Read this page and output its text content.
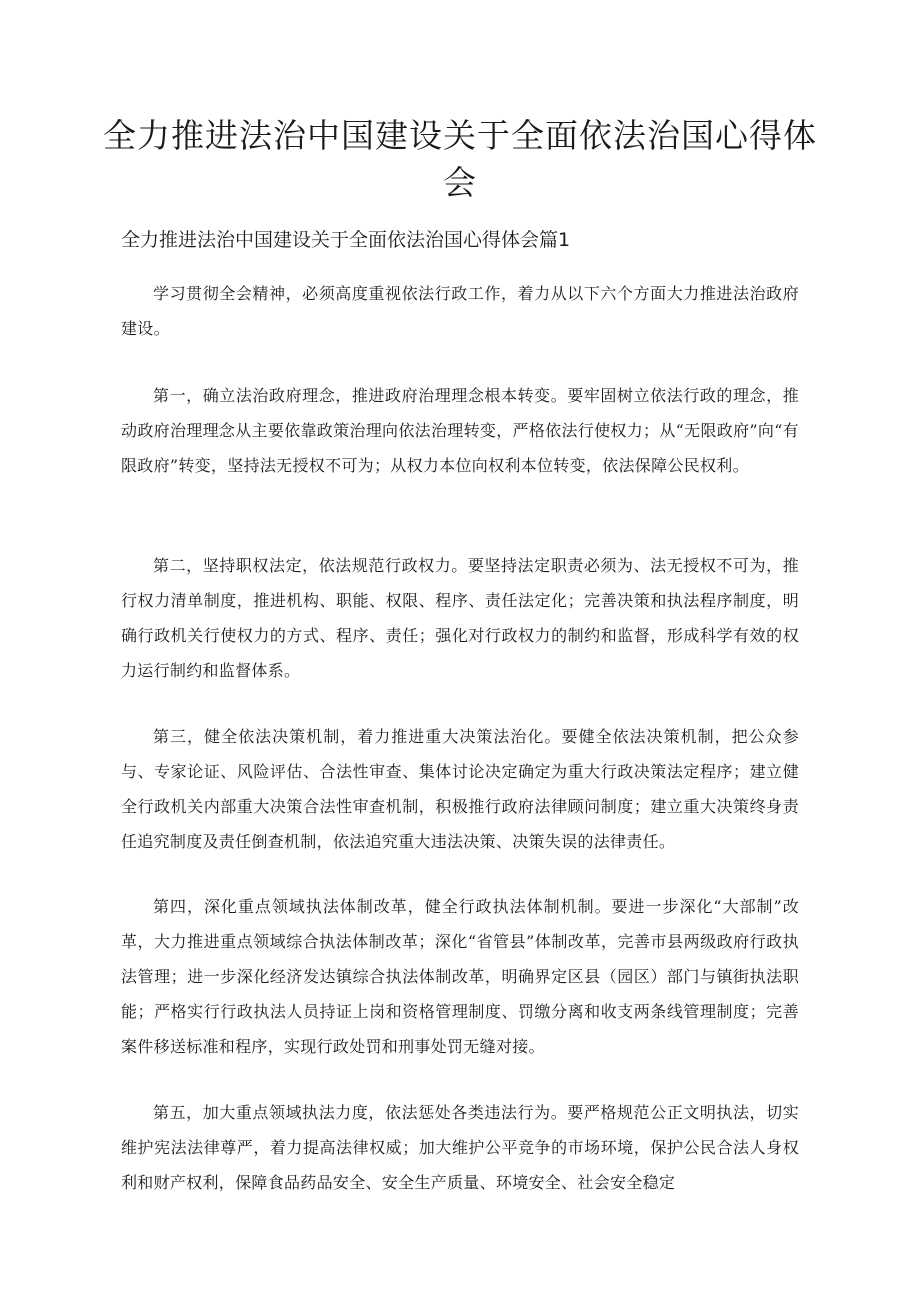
全力推进法治中国建设关于全面依法治国心得体会
全力推进法治中国建设关于全面依法治国心得体会篇1

学习贯彻全会精神，必须高度重视依法行政工作，着力从以下六个方面大力推进法治政府建设。

第一，确立法治政府理念，推进政府治理理念根本转变。要牢固树立依法行政的理念，推动政府治理理念从主要依靠政策治理向依法治理转变，严格依法行使权力；从“无限政府”向“有限政府”转变，坚持法无授权不可为；从权力本位向权利本位转变，依法保障公民权利。

第二，坚持职权法定，依法规范行政权力。要坚持法定职责必须为、法无授权不可为，推行权力清单制度，推进机构、职能、权限、程序、责任法定化；完善决策和执法程序制度，明确行政机关行使权力的方式、程序、责任；强化对行政权力的制约和监督，形成科学有效的权力运行制约和监督体系。

第三，健全依法决策机制，着力推进重大决策法治化。要健全依法决策机制，把公众参与、专家论证、风险评估、合法性审查、集体讨论决定确定为重大行政决策法定程序；建立健全行政机关内部重大决策合法性审查机制，积极推行政府法律顾问制度；建立重大决策终身责任追究制度及责任倒查机制，依法追究重大违法决策、决策失误的法律责任。

第四，深化重点领域执法体制改革，健全行政执法体制机制。要进一步深化“大部制”改革，大力推进重点领域综合执法体制改革；深化“省管县”体制改革，完善市县两级政府行政执法管理；进一步深化经济发达镇综合执法体制改革，明确界定区县（园区）部门与镇街执法职能；严格实行行政执法人员持证上岗和资格管理制度、罚缴分离和收支两条线管理制度；完善案件移送标准和程序，实现行政处罚和刑事处罚无缝对接。

第五，加大重点领域执法力度，依法惩处各类违法行为。要严格规范公正文明执法，切实维护宪法法律尊严，着力提高法律权威；加大维护公平竞争的市场环境，保护公民合法人身权利和财产权利，保障食品药品安全、安全生产质量、环境安全、社会安全稳定
